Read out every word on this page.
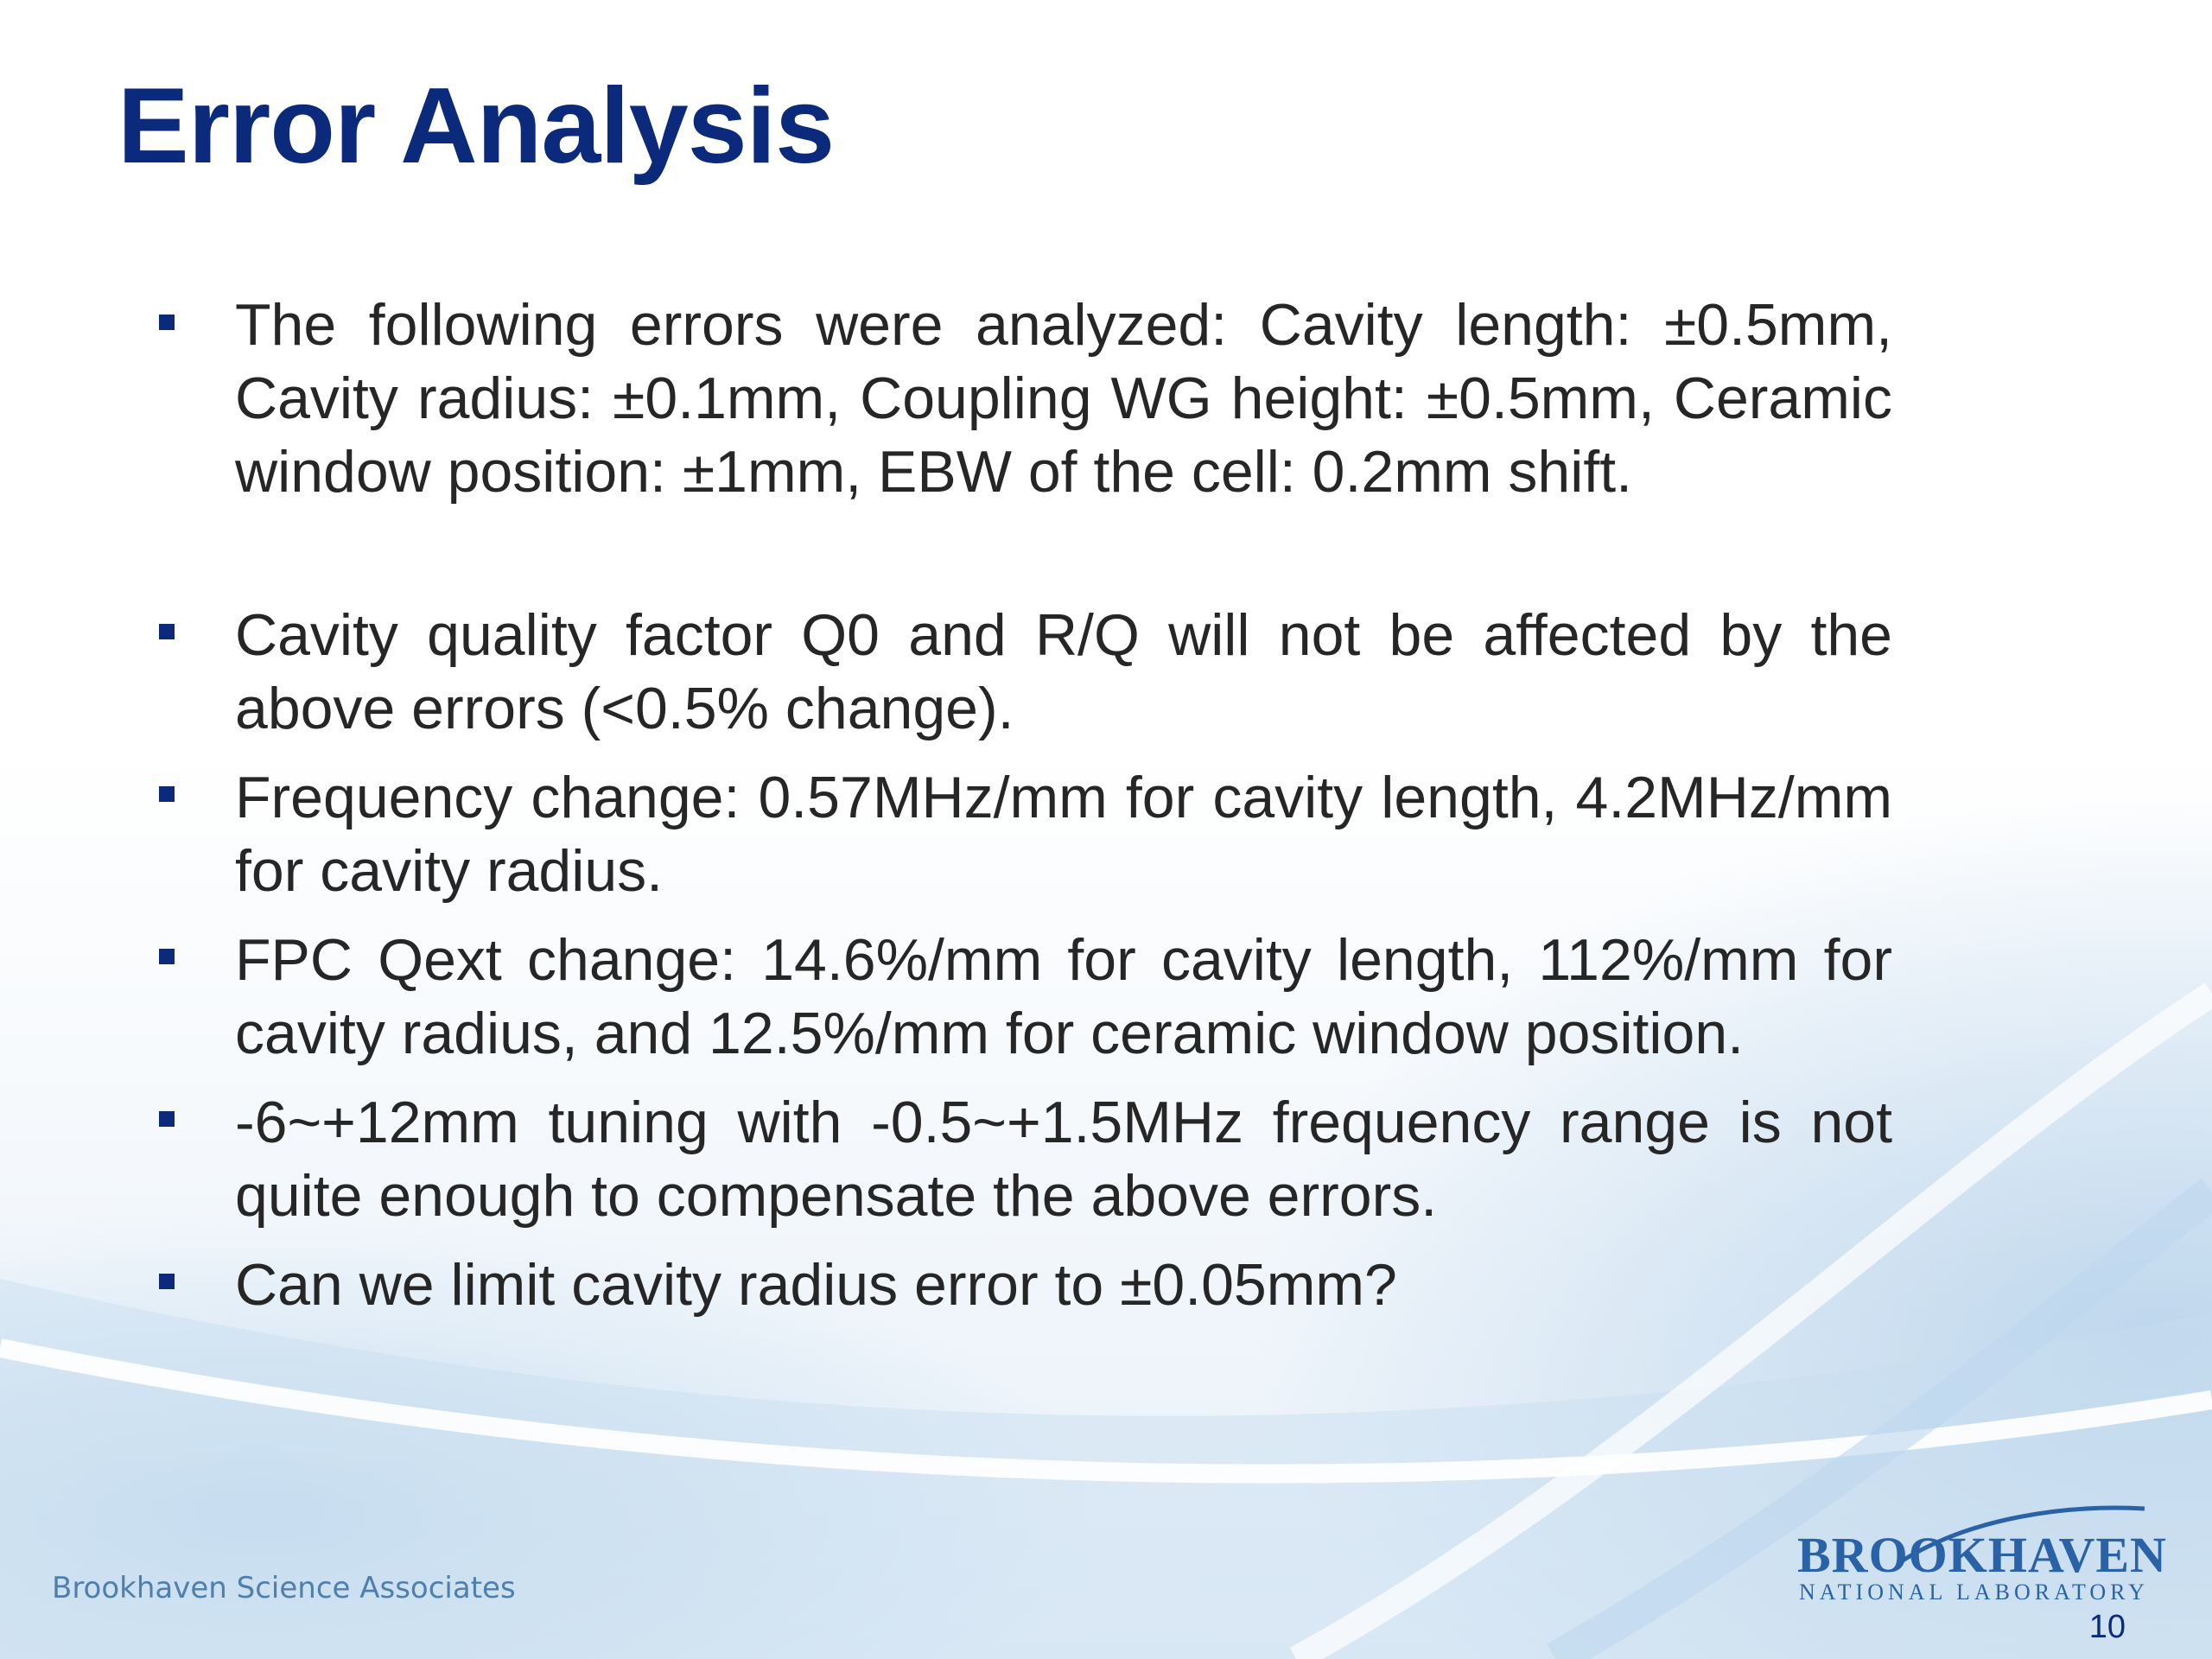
Error Analysis

The following errors were analyzed: Cavity length: ±0.5mm, Cavity radius: ±0.1mm, Coupling WG height: ±0.5mm, Ceramic window position: ±1mm, EBW of the cell: 0.2mm shift.

Cavity quality factor Q0 and R/Q will not be affected by the above errors (<0.5% change).

Frequency change: 0.57MHz/mm for cavity length, 4.2MHz/mm for cavity radius.

FPC Qext change: 14.6%/mm for cavity length, 112%/mm for cavity radius, and 12.5%/mm for ceramic window position.

-6~+12mm tuning with -0.5~+1.5MHz frequency range is not quite enough to compensate the above errors.

Can we limit cavity radius error to ±0.05mm?

Brookhaven Science Associates
BROOKHAVEN
NATIONAL LABORATORY
10
